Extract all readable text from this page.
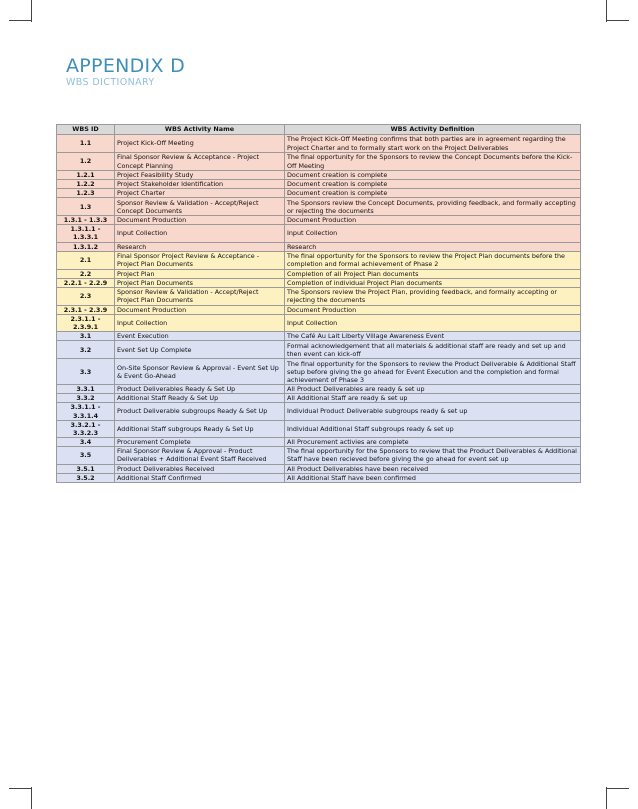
APPENDIX D
WBS DICTIONARY
WBS ID	WBS Activity Name	WBS Activity Definition
1.1	Project Kick-Off Meeting	The Project Kick-Off Meeting confirms that both parties are in agreement regarding the Project Charter and to formally start work on the Project Deliverables
1.2	Final Sponsor Review & Acceptance - Project Concept Planning	The final opportunity for the Sponsors to review the Concept Documents before the Kick-Off Meeting
1.2.1	Project Feasibility Study	Document creation is complete
1.2.2	Project Stakeholder Identification	Document creation is complete
1.2.3	Project Charter	Document creation is complete
1.3	Sponsor Review & Validation - Accept/Reject Concept Documents	The Sponsors review the Concept Documents, providing feedback, and formally accepting or rejecting the documents
1.3.1 - 1.3.3	Document Production	Document Production
1.3.1.1 - 1.3.3.1	Input Collection	Input Collection
1.3.1.2	Research	Research
2.1	Final Sponsor Project Review & Acceptance - Project Plan Documents	The final opportunity for the Sponsors to review the Project Plan documents before the completion and formal achievement of Phase 2
2.2	Project Plan	Completion of all Project Plan documents
2.2.1 - 2.2.9	Project Plan Documents	Completion of individual Project Plan documents
2.3	Sponsor Review & Validation - Accept/Reject Project Plan Documents	The Sponsors review the Project Plan, providing feedback, and formally accepting or rejecting the documents
2.3.1 - 2.3.9	Document Production	Document Production
2.3.1.1 - 2.3.9.1	Input Collection	Input Collection
3.1	Event Execution	The Café Au Lait Liberty Village Awareness Event
3.2	Event Set Up Complete	Formal acknowledgement that all materials & additional staff are ready and set up and then event can kick-off
3.3	On-Site Sponsor Review & Approval - Event Set Up & Event Go-Ahead	The final opportunity for the Sponsors to review the Product Deliverable & Additional Staff setup before giving the go ahead for Event Execution and the completion and formal achievement of Phase 3
3.3.1	Product Deliverables Ready & Set Up	All Product Deliverables are ready & set up
3.3.2	Additional Staff Ready & Set Up	All Additional Staff are ready & set up
3.3.1.1 - 3.3.1.4	Product Deliverable subgroups Ready & Set Up	Individual Product Deliverable subgroups ready & set up
3.3.2.1 - 3.3.2.3	Additional Staff subgroups Ready & Set Up	Individual Additional Staff subgroups ready & set up
3.4	Procurement Complete	All Procurement activies are complete
3.5	Final Sponsor Review & Approval - Product Deliverables + Additional Event Staff Received	The final opportunity for the Sponsors to review that the Product Deliverables & Additional Staff have been recieved before giving the go ahead for event set up
3.5.1	Product Deliverables Received	All Product Deliverables have been received
3.5.2	Additional Staff Confirmed	All Additional Staff have been confirmed
